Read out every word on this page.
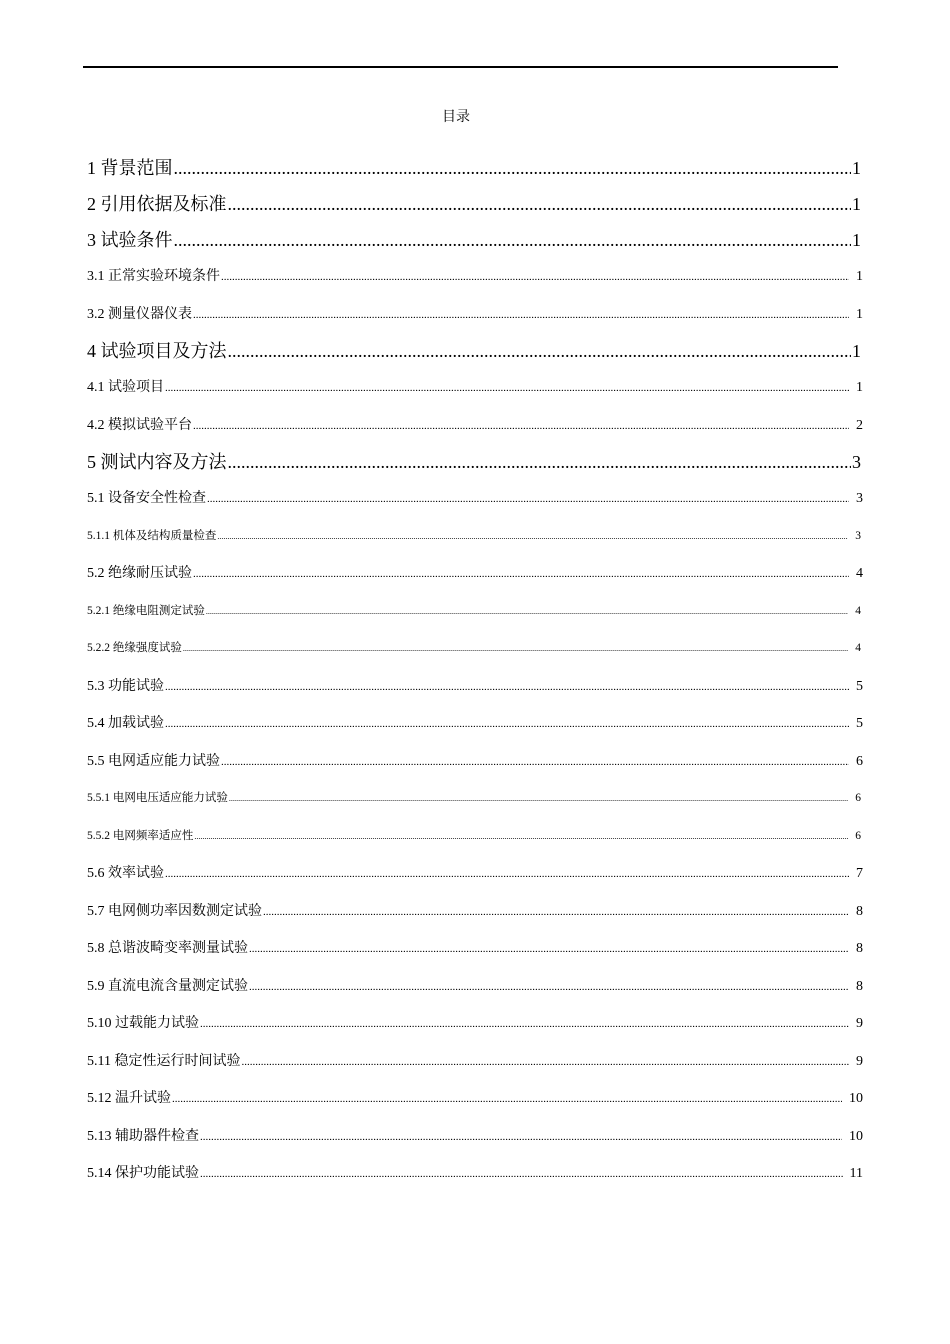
目录
1 背景范围 .....	1
2 引用依据及标准 .....	1
3 试验条件 .....	1
3.1 正常实验环境条件 .....	1
3.2 测量仪器仪表 .....	1
4 试验项目及方法 .....	1
4.1 试验项目 .....	1
4.2 模拟试验平台 .....	2
5 测试内容及方法 .....	3
5.1 设备安全性检查 .....	3
5.1.1 机体及结构质量检查 .....	3
5.2 绝缘耐压试验 .....	4
5.2.1 绝缘电阻测定试验 .....	4
5.2.2 绝缘强度试验 .....	4
5.3 功能试验 .....	5
5.4 加载试验 .....	5
5.5 电网适应能力试验 .....	6
5.5.1 电网电压适应能力试验 .....	6
5.5.2 电网频率适应性 .....	6
5.6 效率试验 .....	7
5.7 电网侧功率因数测定试验 .....	8
5.8 总谐波畸变率测量试验 .....	8
5.9 直流电流含量测定试验 .....	8
5.10 过载能力试验 .....	9
5.11 稳定性运行时间试验 .....	9
5.12 温升试验 .....	10
5.13 辅助器件检查 .....	10
5.14 保护功能试验 .....	11
